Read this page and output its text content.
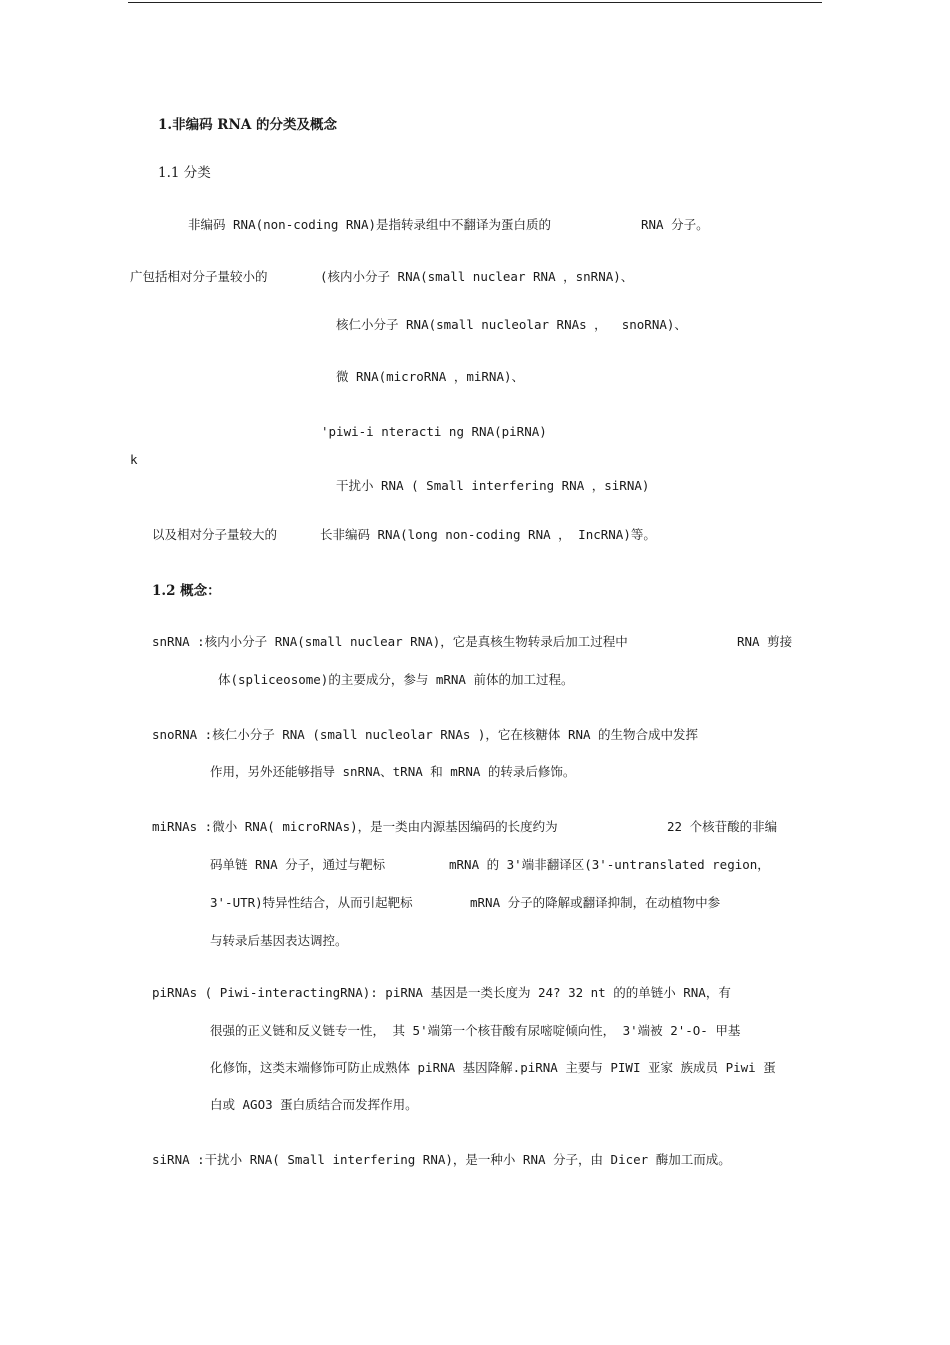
1.非编码 RNA 的分类及概念
1.1 分类
非编码 RNA(non-coding RNA)是指转录组中不翻译为蛋白质的	RNA 分子。
广包括相对分子量较小的	(核内小分子 RNA(small nuclear RNA ，snRNA)、
核仁小分子 RNA(small nucleolar RNAs ，  snoRNA)、
微 RNA(microRNA ，miRNA)、
'piwi-i nteracti ng RNA(piRNA)
k
干扰小 RNA ( Small interfering RNA ，siRNA)
以及相对分子量较大的	长非编码 RNA(long non-coding RNA ， IncRNA)等。
1.2 概念：
snRNA :核内小分子 RNA(small nuclear RNA)，它是真核生物转录后加工过程中	RNA 剪接
体(spliceosome)的主要成分，参与 mRNA 前体的加工过程。
snoRNA :核仁小分子 RNA (small nucleolar RNAs )，它在核糖体 RNA 的生物合成中发挥
作用，另外还能够指导 snRNA、tRNA 和 mRNA 的转录后修饰。
miRNAs :微小 RNA( microRNAs)，是一类由内源基因编码的长度约为	22 个核苷酸的非编
码单链 RNA 分子，通过与靶标	mRNA 的 3'端非翻译区(3'-untranslated region，
3'-UTR)特异性结合，从而引起靶标	mRNA 分子的降解或翻译抑制，在动植物中参
与转录后基因表达调控。
piRNAs ( Piwi-interactingRNA): piRNA 基因是一类长度为 24? 32 nt 的的单链小 RNA，有
很强的正义链和反义链专一性， 其 5'端第一个核苷酸有尿嘧啶倾向性， 3'端被 2'-O- 甲基
化修饰，这类末端修饰可防止成熟体 piRNA 基因降解.piRNA 主要与 PIWI 亚家 族成员 Piwi 蛋
白或 AGO3 蛋白质结合而发挥作用。
siRNA :干扰小 RNA( Small interfering RNA)，是一种小 RNA 分子，由 Dicer 酶加工而成。
